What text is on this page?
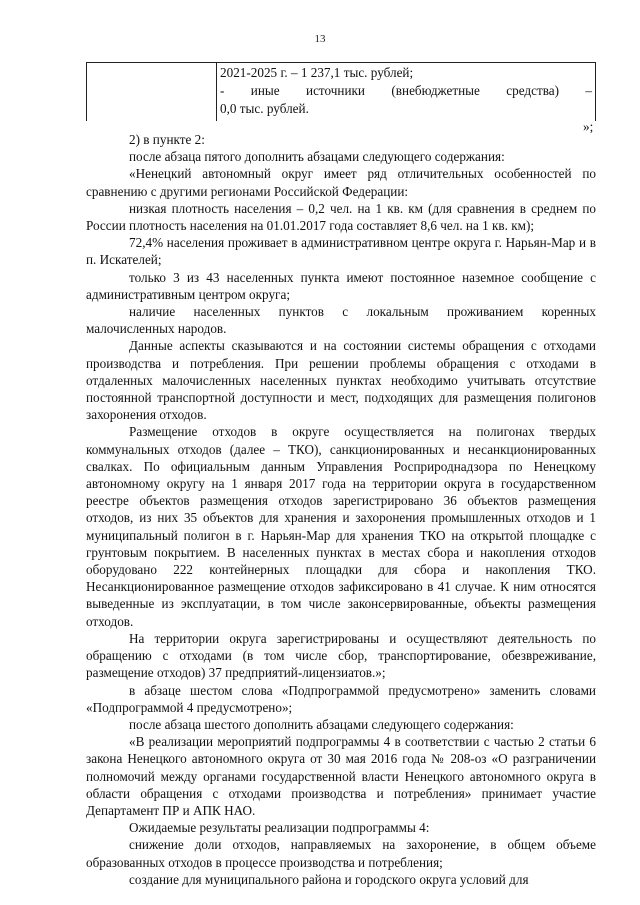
13
2021-2025 г. – 1 237,1 тыс. рублей;
- иные источники (внебюджетные средства) –
0,0 тыс. рублей.
»;

2) в пункте 2:

после абзаца пятого дополнить абзацами следующего содержания:

«Ненецкий автономный округ имеет ряд отличительных особенностей по сравнению с другими регионами Российской Федерации:

низкая плотность населения – 0,2 чел. на 1 кв. км (для сравнения в среднем по России плотность населения на 01.01.2017 года составляет 8,6 чел. на 1 кв. км);

72,4% населения проживает в административном центре округа г. Нарьян-Мар и в п. Искателей;

только 3 из 43 населенных пункта имеют постоянное наземное сообщение с административным центром округа;

наличие населенных пунктов с локальным проживанием коренных малочисленных народов.

Данные аспекты сказываются и на состоянии системы обращения с отходами производства и потребления. При решении проблемы обращения с отходами в отдаленных малочисленных населенных пунктах необходимо учитывать отсутствие постоянной транспортной доступности и мест, подходящих для размещения полигонов захоронения отходов.

Размещение отходов в округе осуществляется на полигонах твердых коммунальных отходов (далее – ТКО), санкционированных и несанкционированных свалках. По официальным данным Управления Росприроднадзора по Ненецкому автономному округу на 1 января 2017 года на территории округа в государственном реестре объектов размещения отходов зарегистрировано 36 объектов размещения отходов, из них 35 объектов для хранения и захоронения промышленных отходов и 1 муниципальный полигон в г. Нарьян-Мар для хранения ТКО на открытой площадке с грунтовым покрытием. В населенных пунктах в местах сбора и накопления отходов оборудовано 222 контейнерных площадки для сбора и накопления ТКО. Несанкционированное размещение отходов зафиксировано в 41 случае. К ним относятся выведенные из эксплуатации, в том числе законсервированные, объекты размещения отходов.

На территории округа зарегистрированы и осуществляют деятельность по обращению с отходами (в том числе сбор, транспортирование, обезвреживание, размещение отходов) 37 предприятий-лицензиатов.»;

в абзаце шестом слова «Подпрограммой предусмотрено» заменить словами «Подпрограммой 4 предусмотрено»;

после абзаца шестого дополнить абзацами следующего содержания:

«В реализации мероприятий подпрограммы 4 в соответствии с частью 2 статьи 6 закона Ненецкого автономного округа от 30 мая 2016 года № 208-оз «О разграничении полномочий между органами государственной власти Ненецкого автономного округа в области обращения с отходами производства и потребления» принимает участие Департамент ПР и АПК НАО.

Ожидаемые результаты реализации подпрограммы 4:

снижение доли отходов, направляемых на захоронение, в общем объеме образованных отходов в процессе производства и потребления;

создание для муниципального района и городского округа условий для
